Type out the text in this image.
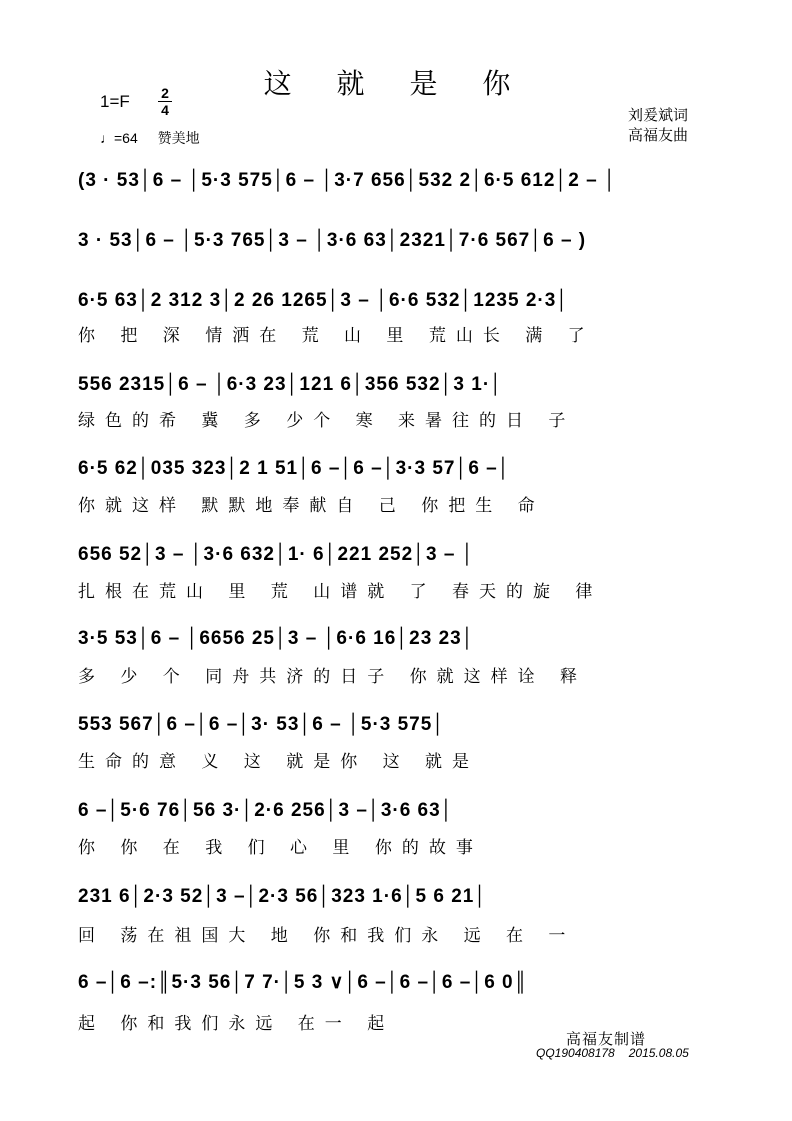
这 就 是 你
1=F 2
4
♩=64 赞美地
刘爰斌词
高福友曲
(3 · 53│6 – │5·3 575│6 – │3·7 656│532 2│6·5 612│2 – │
3 · 53│6 – │5·3 765│3 – │3·6 63│2321│7·6 567│6 – )
6·5 63│2 312 3│2 26 1265│3 – │6·6 532│1235 2·3│
你 把 深 情洒在 荒 山 里 荒山长 满 了
556 2315│6 – │6·3 23│121 6│356 532│3 1·│
绿色的希 冀 多 少个 寒 来暑往的日 子
6·5 62│035 323│2 1 51│6 –│6 –│3·3 57│6 –│
你就这样 默默地奉献自 己 你把生 命
656 52│3 – │3·6 632│1· 6│221 252│3 – │
扎根在荒山 里 荒 山谱就 了 春天的旋 律
3·5 53│6 – │6656 25│3 – │6·6 16│23 23│
多 少 个 同舟共济的日子 你就这样诠 释
553 567│6 –│6 –│3· 53│6 – │5·3 575│
生命的意 义 这 就是你 这 就是
6 –│5·6 76│56 3·│2·6 256│3 –│3·6 63│
你 你 在 我 们 心 里 你的故事
231 6│2·3 52│3 –│2·3 56│323 1·6│5 6 21│
回 荡在祖国大 地 你和我们永 远 在 一
6 –│6 –:║5·3 56│7 7·│5 3 ∨│6 –│6 –│6 –│6 0║
起 你和我们永远 在一 起
高福友制谱
QQ190408178 2015.08.05
